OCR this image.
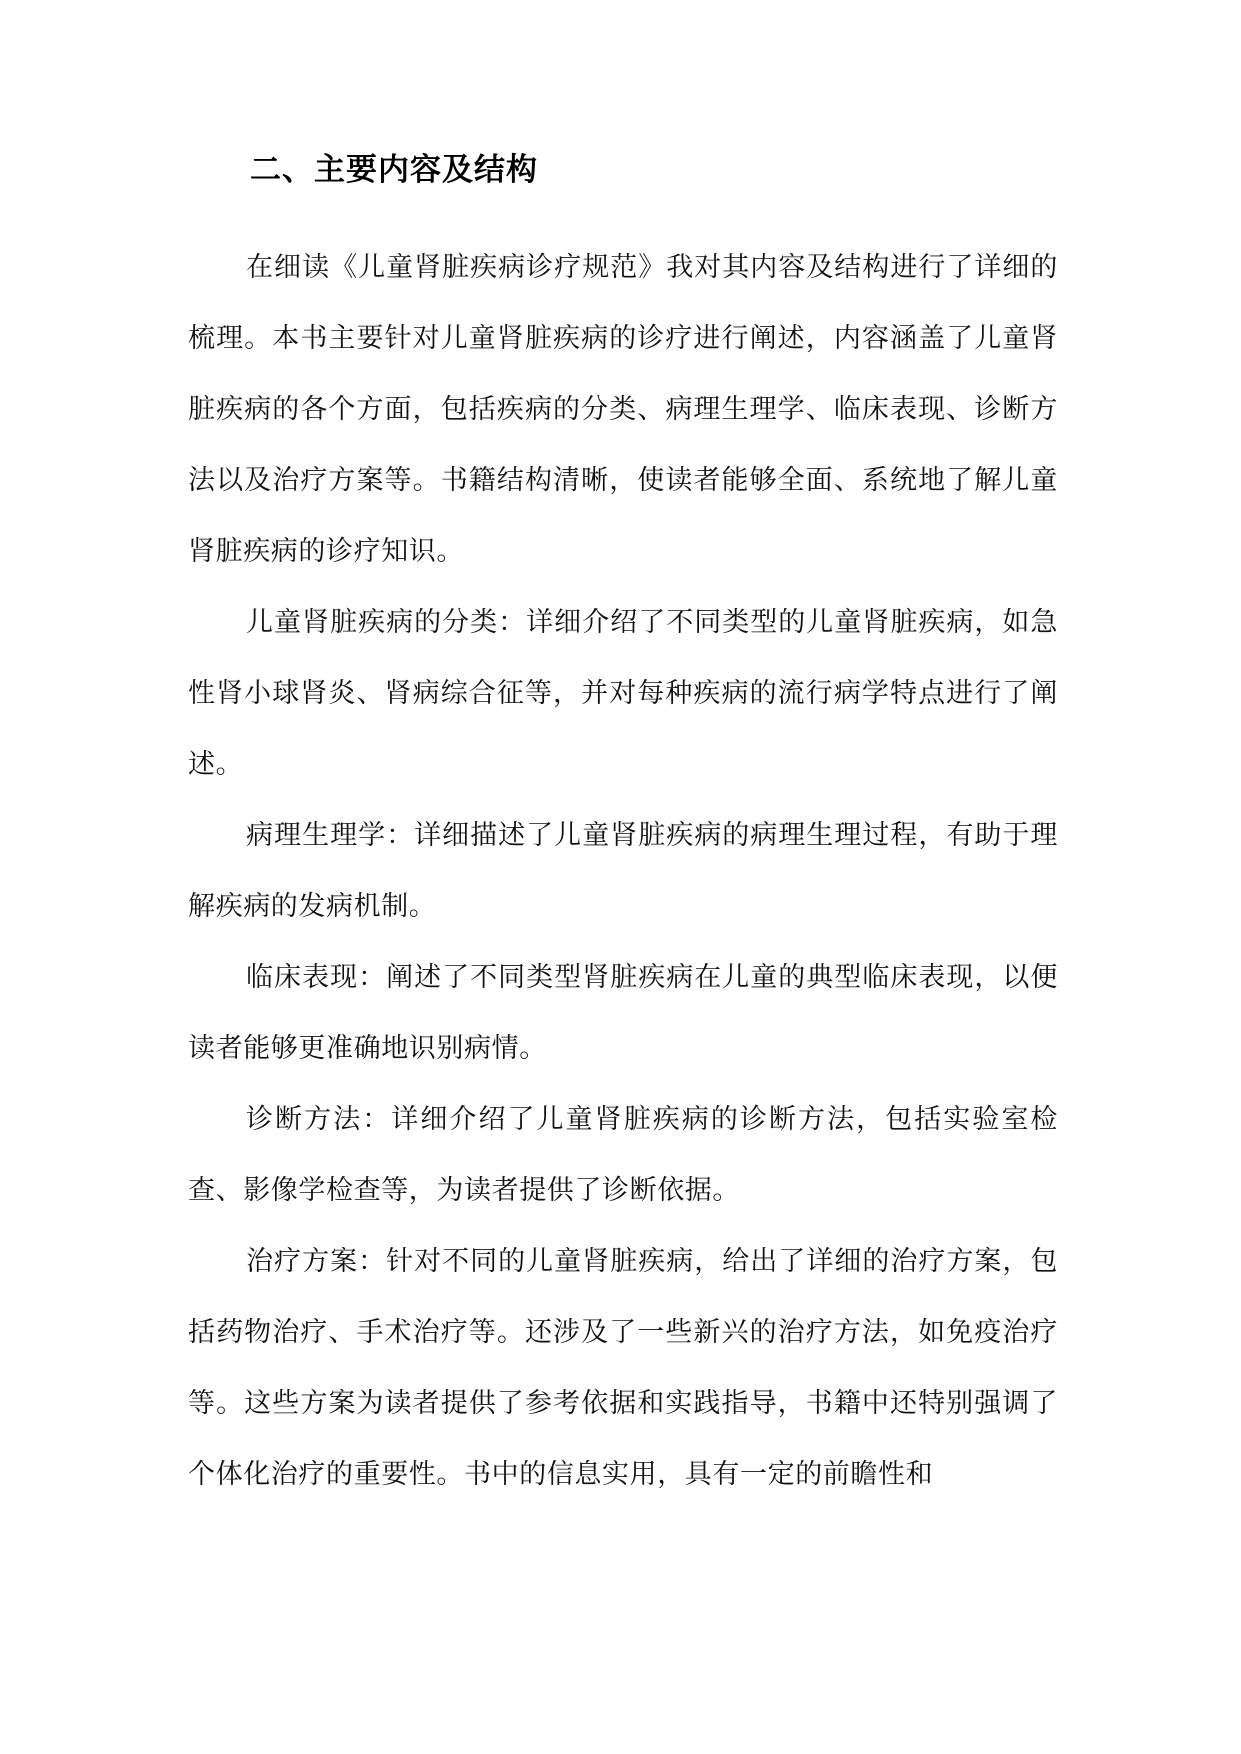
二、主要内容及结构

在细读《儿童肾脏疾病诊疗规范》我对其内容及结构进行了详细的梳理。本书主要针对儿童肾脏疾病的诊疗进行阐述，内容涵盖了儿童肾脏疾病的各个方面，包括疾病的分类、病理生理学、临床表现、诊断方法以及治疗方案等。书籍结构清晰，使读者能够全面、系统地了解儿童肾脏疾病的诊疗知识。

儿童肾脏疾病的分类：详细介绍了不同类型的儿童肾脏疾病，如急性肾小球肾炎、肾病综合征等，并对每种疾病的流行病学特点进行了阐述。

病理生理学：详细描述了儿童肾脏疾病的病理生理过程，有助于理解疾病的发病机制。

临床表现：阐述了不同类型肾脏疾病在儿童的典型临床表现，以便读者能够更准确地识别病情。

诊断方法：详细介绍了儿童肾脏疾病的诊断方法，包括实验室检查、影像学检查等，为读者提供了诊断依据。

治疗方案：针对不同的儿童肾脏疾病，给出了详细的治疗方案，包括药物治疗、手术治疗等。还涉及了一些新兴的治疗方法，如免疫治疗等。这些方案为读者提供了参考依据和实践指导，书籍中还特别强调了个体化治疗的重要性。书中的信息实用，具有一定的前瞻性和
